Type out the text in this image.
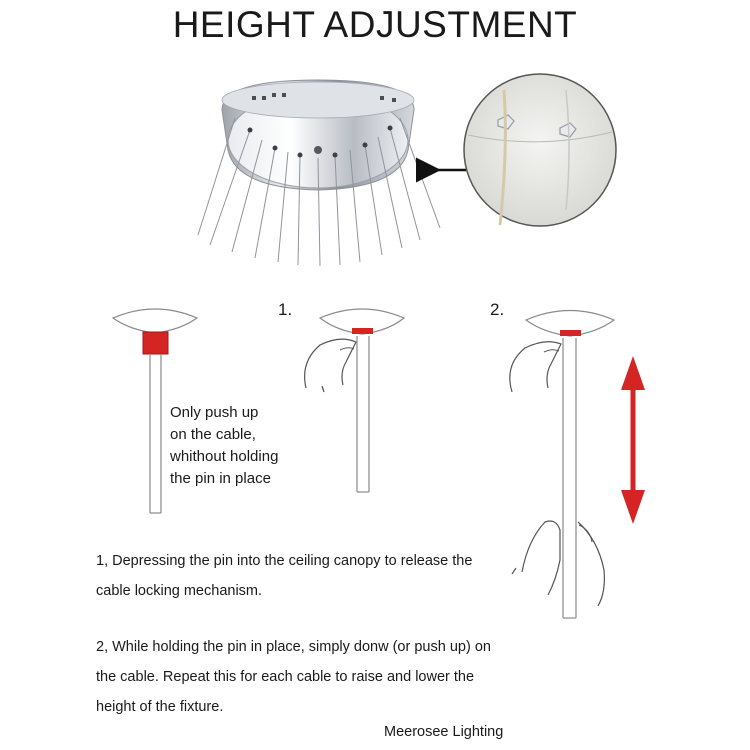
HEIGHT ADJUSTMENT
1.	2.
Only push up
on the cable,
whithout holding
the pin in place
1, Depressing the pin into the ceiling canopy to release the
cable locking mechanism.
2, While holding the pin in place, simply donw (or push up) on
the cable. Repeat this for each cable to raise and lower the
height of the fixture.
Meerosee Lighting
